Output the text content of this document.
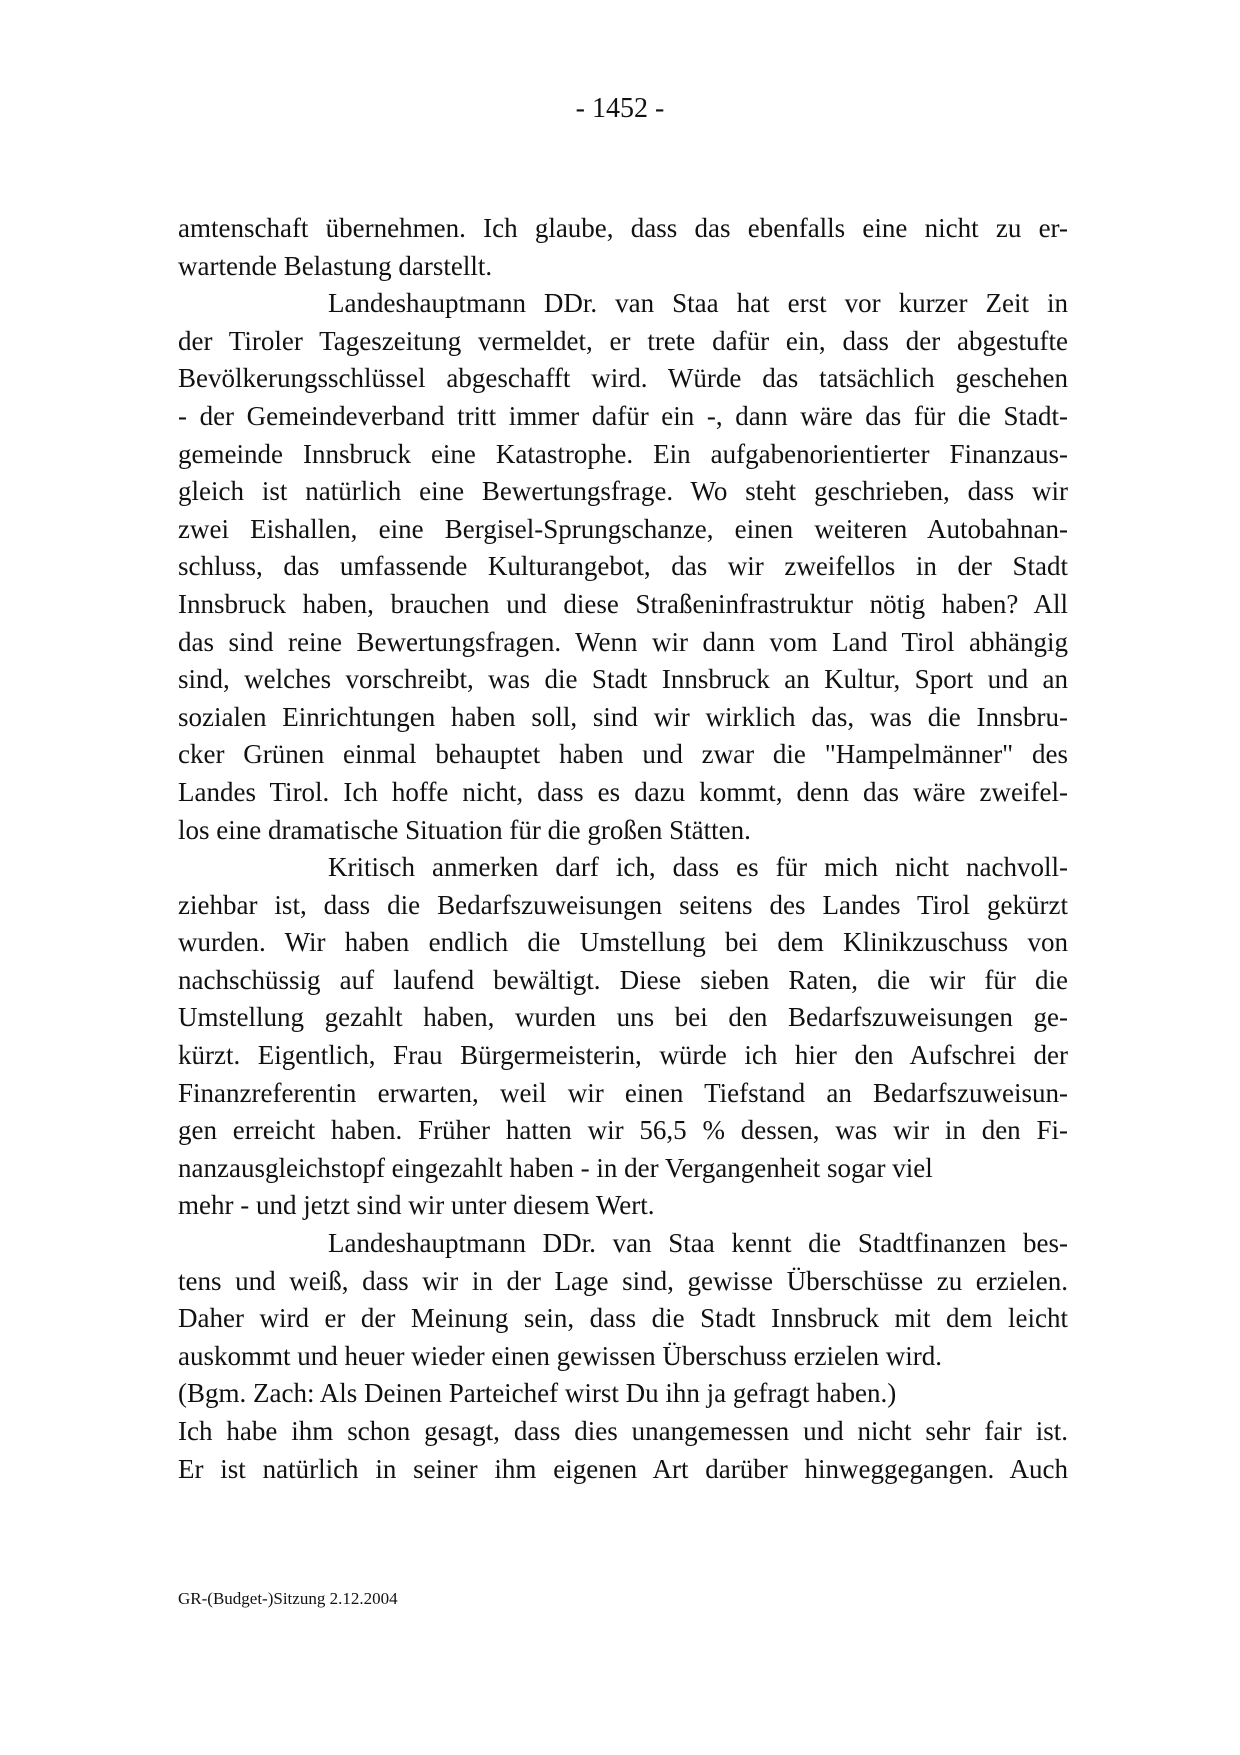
- 1452 -
amtenschaft übernehmen. Ich glaube, dass das ebenfalls eine nicht zu er-
wartende Belastung darstellt.
Landeshauptmann DDr. van Staa hat erst vor kurzer Zeit in
der Tiroler Tageszeitung vermeldet, er trete dafür ein, dass der abgestufte
Bevölkerungsschlüssel abgeschafft wird. Würde das tatsächlich geschehen
- der Gemeindeverband tritt immer dafür ein -, dann wäre das für die Stadt-
gemeinde Innsbruck eine Katastrophe. Ein aufgabenorientierter Finanzaus-
gleich ist natürlich eine Bewertungsfrage. Wo steht geschrieben, dass wir
zwei Eishallen, eine Bergisel-Sprungschanze, einen weiteren Autobahnan-
schluss, das umfassende Kulturangebot, das wir zweifellos in der Stadt
Innsbruck haben, brauchen und diese Straßeninfrastruktur nötig haben? All
das sind reine Bewertungsfragen. Wenn wir dann vom Land Tirol abhängig
sind, welches vorschreibt, was die Stadt Innsbruck an Kultur, Sport und an
sozialen Einrichtungen haben soll, sind wir wirklich das, was die Innsbru-
cker Grünen einmal behauptet haben und zwar die "Hampelmänner" des
Landes Tirol. Ich hoffe nicht, dass es dazu kommt, denn das wäre zweifel-
los eine dramatische Situation für die großen Stätten.
Kritisch anmerken darf ich, dass es für mich nicht nachvoll-
ziehbar ist, dass die Bedarfszuweisungen seitens des Landes Tirol gekürzt
wurden. Wir haben endlich die Umstellung bei dem Klinikzuschuss von
nachschüssig auf laufend bewältigt. Diese sieben Raten, die wir für die
Umstellung gezahlt haben, wurden uns bei den Bedarfszuweisungen ge-
kürzt. Eigentlich, Frau Bürgermeisterin, würde ich hier den Aufschrei der
Finanzreferentin erwarten, weil wir einen Tiefstand an Bedarfszuweisun-
gen erreicht haben. Früher hatten wir 56,5 % dessen, was wir in den Fi-
nanzausgleichstopf eingezahlt haben - in der Vergangenheit sogar viel
mehr - und jetzt sind wir unter diesem Wert.
Landeshauptmann DDr. van Staa kennt die Stadtfinanzen bes-
tens und weiß, dass wir in der Lage sind, gewisse Überschüsse zu erzielen.
Daher wird er der Meinung sein, dass die Stadt Innsbruck mit dem leicht
auskommt und heuer wieder einen gewissen Überschuss erzielen wird.
(Bgm. Zach: Als Deinen Parteichef wirst Du ihn ja gefragt haben.)
Ich habe ihm schon gesagt, dass dies unangemessen und nicht sehr fair ist.
Er ist natürlich in seiner ihm eigenen Art darüber hinweggegangen. Auch
GR-(Budget-)Sitzung 2.12.2004
